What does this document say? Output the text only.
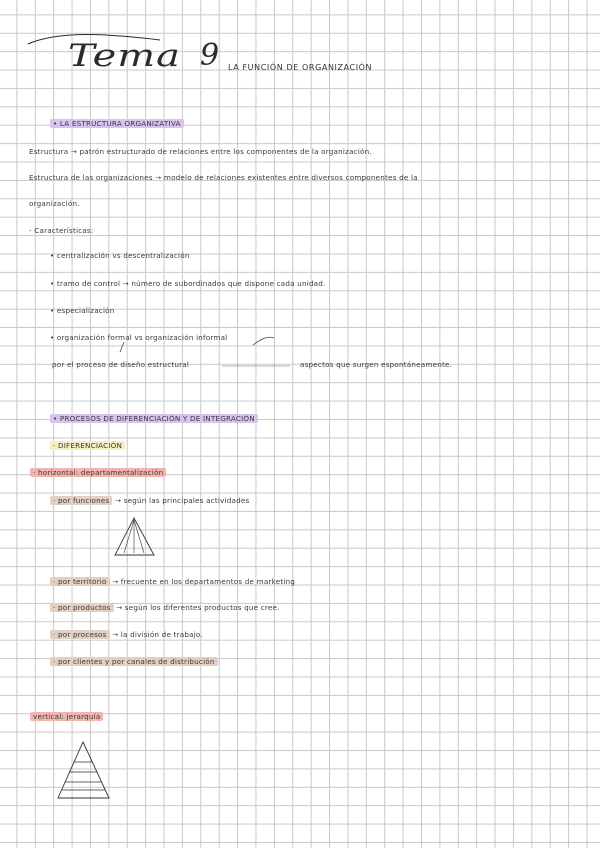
Tema 9 LA FUNCIÓN DE ORGANIZACIÓN
• LA ESTRUCTURA ORGANIZATIVA
Estructura → patrón estructurado de relaciones entre los componentes de la organización.
Estructura de las organizaciones → modelo de relaciones existentes entre diversos componentes de la
organización.
- Características:
• centralización vs descentralización
• tramo de control → número de subordinados que dispone cada unidad.
• especialización
• organización formal vs organización informal
por el proceso de diseño estructural	aspectos que surgen espontáneamente.
• PROCESOS DE DIFERENCIACIÓN Y DE INTEGRACIÓN
· DIFERENCIACIÓN
· horizontal: departamentalización
· por funciones → según las principales actividades
· por territorio → frecuente en los departamentos de marketing
· por productos → según los diferentes productos que cree.
· por procesos → la división de trabajo.
· por clientes y por canales de distribución
vertical: jerarquía
